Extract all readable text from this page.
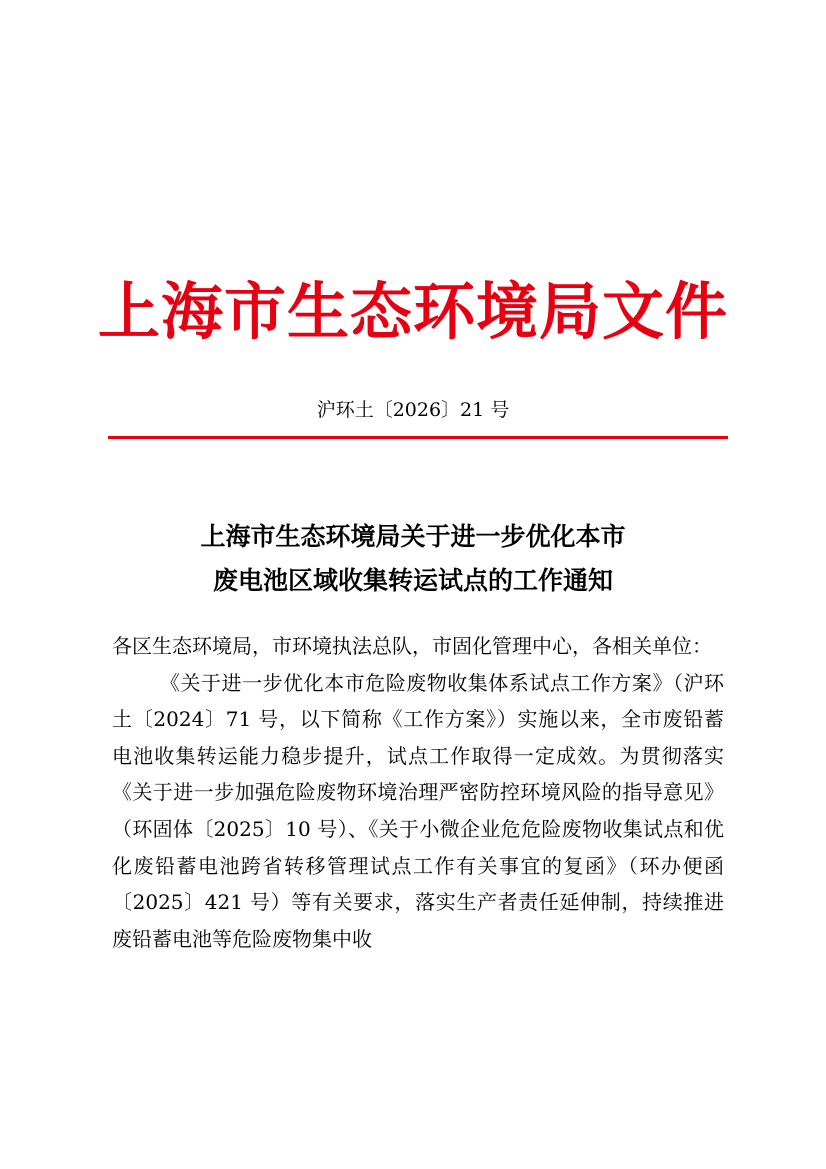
上海市生态环境局文件
沪环土〔2026〕21 号
上海市生态环境局关于进一步优化本市
废电池区域收集转运试点的工作通知

各区生态环境局，市环境执法总队，市固化管理中心，各相关单位：

《关于进一步优化本市危险废物收集体系试点工作方案》（沪环土〔2024〕71 号，以下简称《工作方案》）实施以来，全市废铅蓄电池收集转运能力稳步提升，试点工作取得一定成效。为贯彻落实《关于进一步加强危险废物环境治理严密防控环境风险的指导意见》（环固体〔2025〕10 号）、《关于小微企业危危险废物收集试点和优化废铅蓄电池跨省转移管理试点工作有关事宜的复函》（环办便函〔2025〕421 号）等有关要求，落实生产者责任延伸制，持续推进废铅蓄电池等危险废物集中收
